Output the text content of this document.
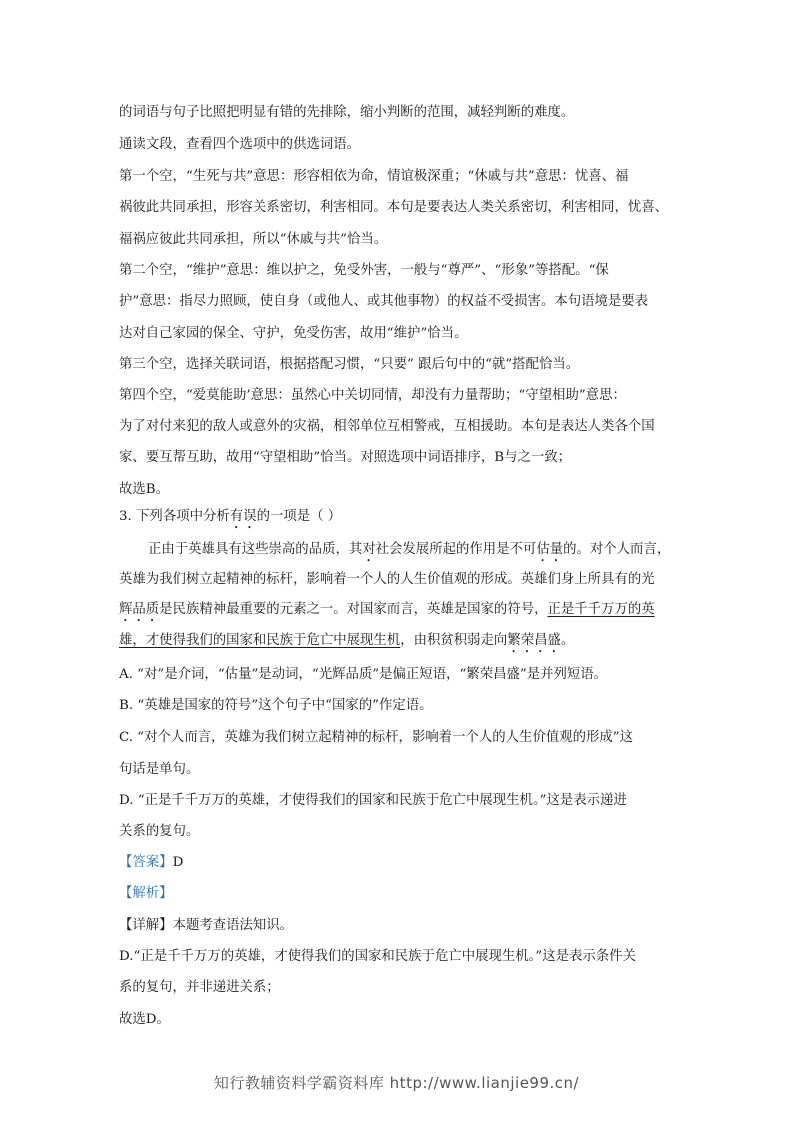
的词语与句子比照把明显有错的先排除，缩小判断的范围，减轻判断的难度。
通读文段，查看四个选项中的供选词语。
第一个空，“生死与共”意思：形容相依为命，情谊极深重；“休戚与共”意思：忧喜、福
祸彼此共同承担，形容关系密切，利害相同。本句是要表达人类关系密切，利害相同，忧喜、
福祸应彼此共同承担，所以“休戚与共”恰当。
第二个空，“维护”意思：维以护之，免受外害，一般与“尊严”、“形象”等搭配。“保
护”意思：指尽力照顾，使自身（或他人、或其他事物）的权益不受损害。本句语境是要表
达对自己家园的保全、守护，免受伤害，故用“维护”恰当。
第三个空，选择关联词语，根据搭配习惯，“只要” 跟后句中的“就”搭配恰当。
第四个空，“爱莫能助’意思：虽然心中关切同情，却没有力量帮助；“守望相助”意思：
为了对付来犯的敌人或意外的灾祸，相邻单位互相警戒，互相援助。本句是表达人类各个国
家、要互帮互助，故用“守望相助”恰当。对照选项中词语排序，B与之一致；
故选B。
3. 下列各项中分析有误的一项是（ ）
正由于英雄具有这些崇高的品质，其对社会发展所起的作用是不可估量的。对个人而言，
英雄为我们树立起精神的标杆，影响着一个人的人生价值观的形成。英雄们身上所具有的光
辉品质是民族精神最重要的元素之一。对国家而言，英雄是国家的符号，正是千千万万的英
雄，才使得我们的国家和民族于危亡中展现生机，由积贫积弱走向繁荣昌盛。
A. “对”是介词，“估量”是动词，“光辉品质”是偏正短语，“繁荣昌盛”是并列短语。
B. “英雄是国家的符号”这个句子中“国家的”作定语。
C. “对个人而言，英雄为我们树立起精神的标杆，影响着一个人的人生价值观的形成”这
句话是单句。
D. “正是千千万万的英雄，才使得我们的国家和民族于危亡中展现生机。”这是表示递进
关系的复句。
【答案】D
【解析】
【详解】本题考查语法知识。
D.“正是千千万万的英雄，才使得我们的国家和民族于危亡中展现生机。”这是表示条件关
系的复句，并非递进关系；
故选D。
知行教辅资料学霸资料库 http://www.lianjie99.cn/
